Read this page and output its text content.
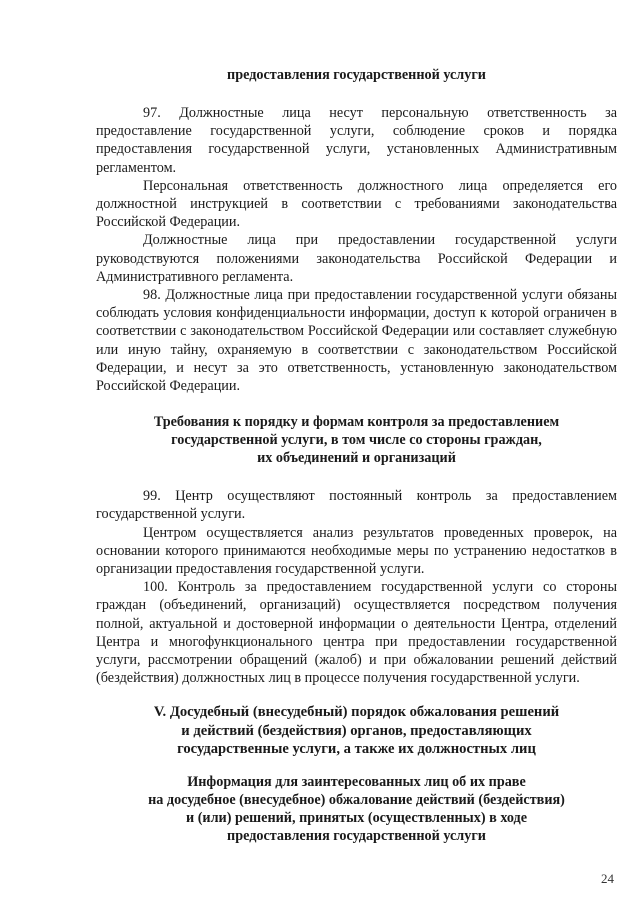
предоставления государственной услуги

97. Должностные лица несут персональную ответственность за предоставление государственной услуги, соблюдение сроков и порядка предоставления государственной услуги, установленных Административным регламентом.

Персональная ответственность должностного лица определяется его должностной инструкцией в соответствии с требованиями законодательства Российской Федерации.

Должностные лица при предоставлении государственной услуги руководствуются положениями законодательства Российской Федерации и Административного регламента.

98. Должностные лица при предоставлении государственной услуги обязаны соблюдать условия конфиденциальности информации, доступ к которой ограничен в соответствии с законодательством Российской Федерации или составляет служебную или иную тайну, охраняемую в соответствии с законодательством Российской Федерации, и несут за это ответственность, установленную законодательством Российской Федерации.

Требования к порядку и формам контроля за предоставлением
государственной услуги, в том числе со стороны граждан,
их объединений и организаций

99. Центр осуществляют постоянный контроль за предоставлением государственной услуги.

Центром осуществляется анализ результатов проведенных проверок, на основании которого принимаются необходимые меры по устранению недостатков в организации предоставления государственной услуги.

100. Контроль за предоставлением государственной услуги со стороны граждан (объединений, организаций) осуществляется посредством получения полной, актуальной и достоверной информации о деятельности Центра, отделений Центра и многофункционального центра при предоставлении государственной услуги, рассмотрении обращений (жалоб) и при обжаловании решений действий (бездействия) должностных лиц в процессе получения государственной услуги.

V. Досудебный (внесудебный) порядок обжалования решений
и действий (бездействия) органов, предоставляющих
государственные услуги, а также их должностных лиц
Информация для заинтересованных лиц об их праве
на досудебное (внесудебное) обжалование действий (бездействия)
и (или) решений, принятых (осуществленных) в ходе
предоставления государственной услуги
24
